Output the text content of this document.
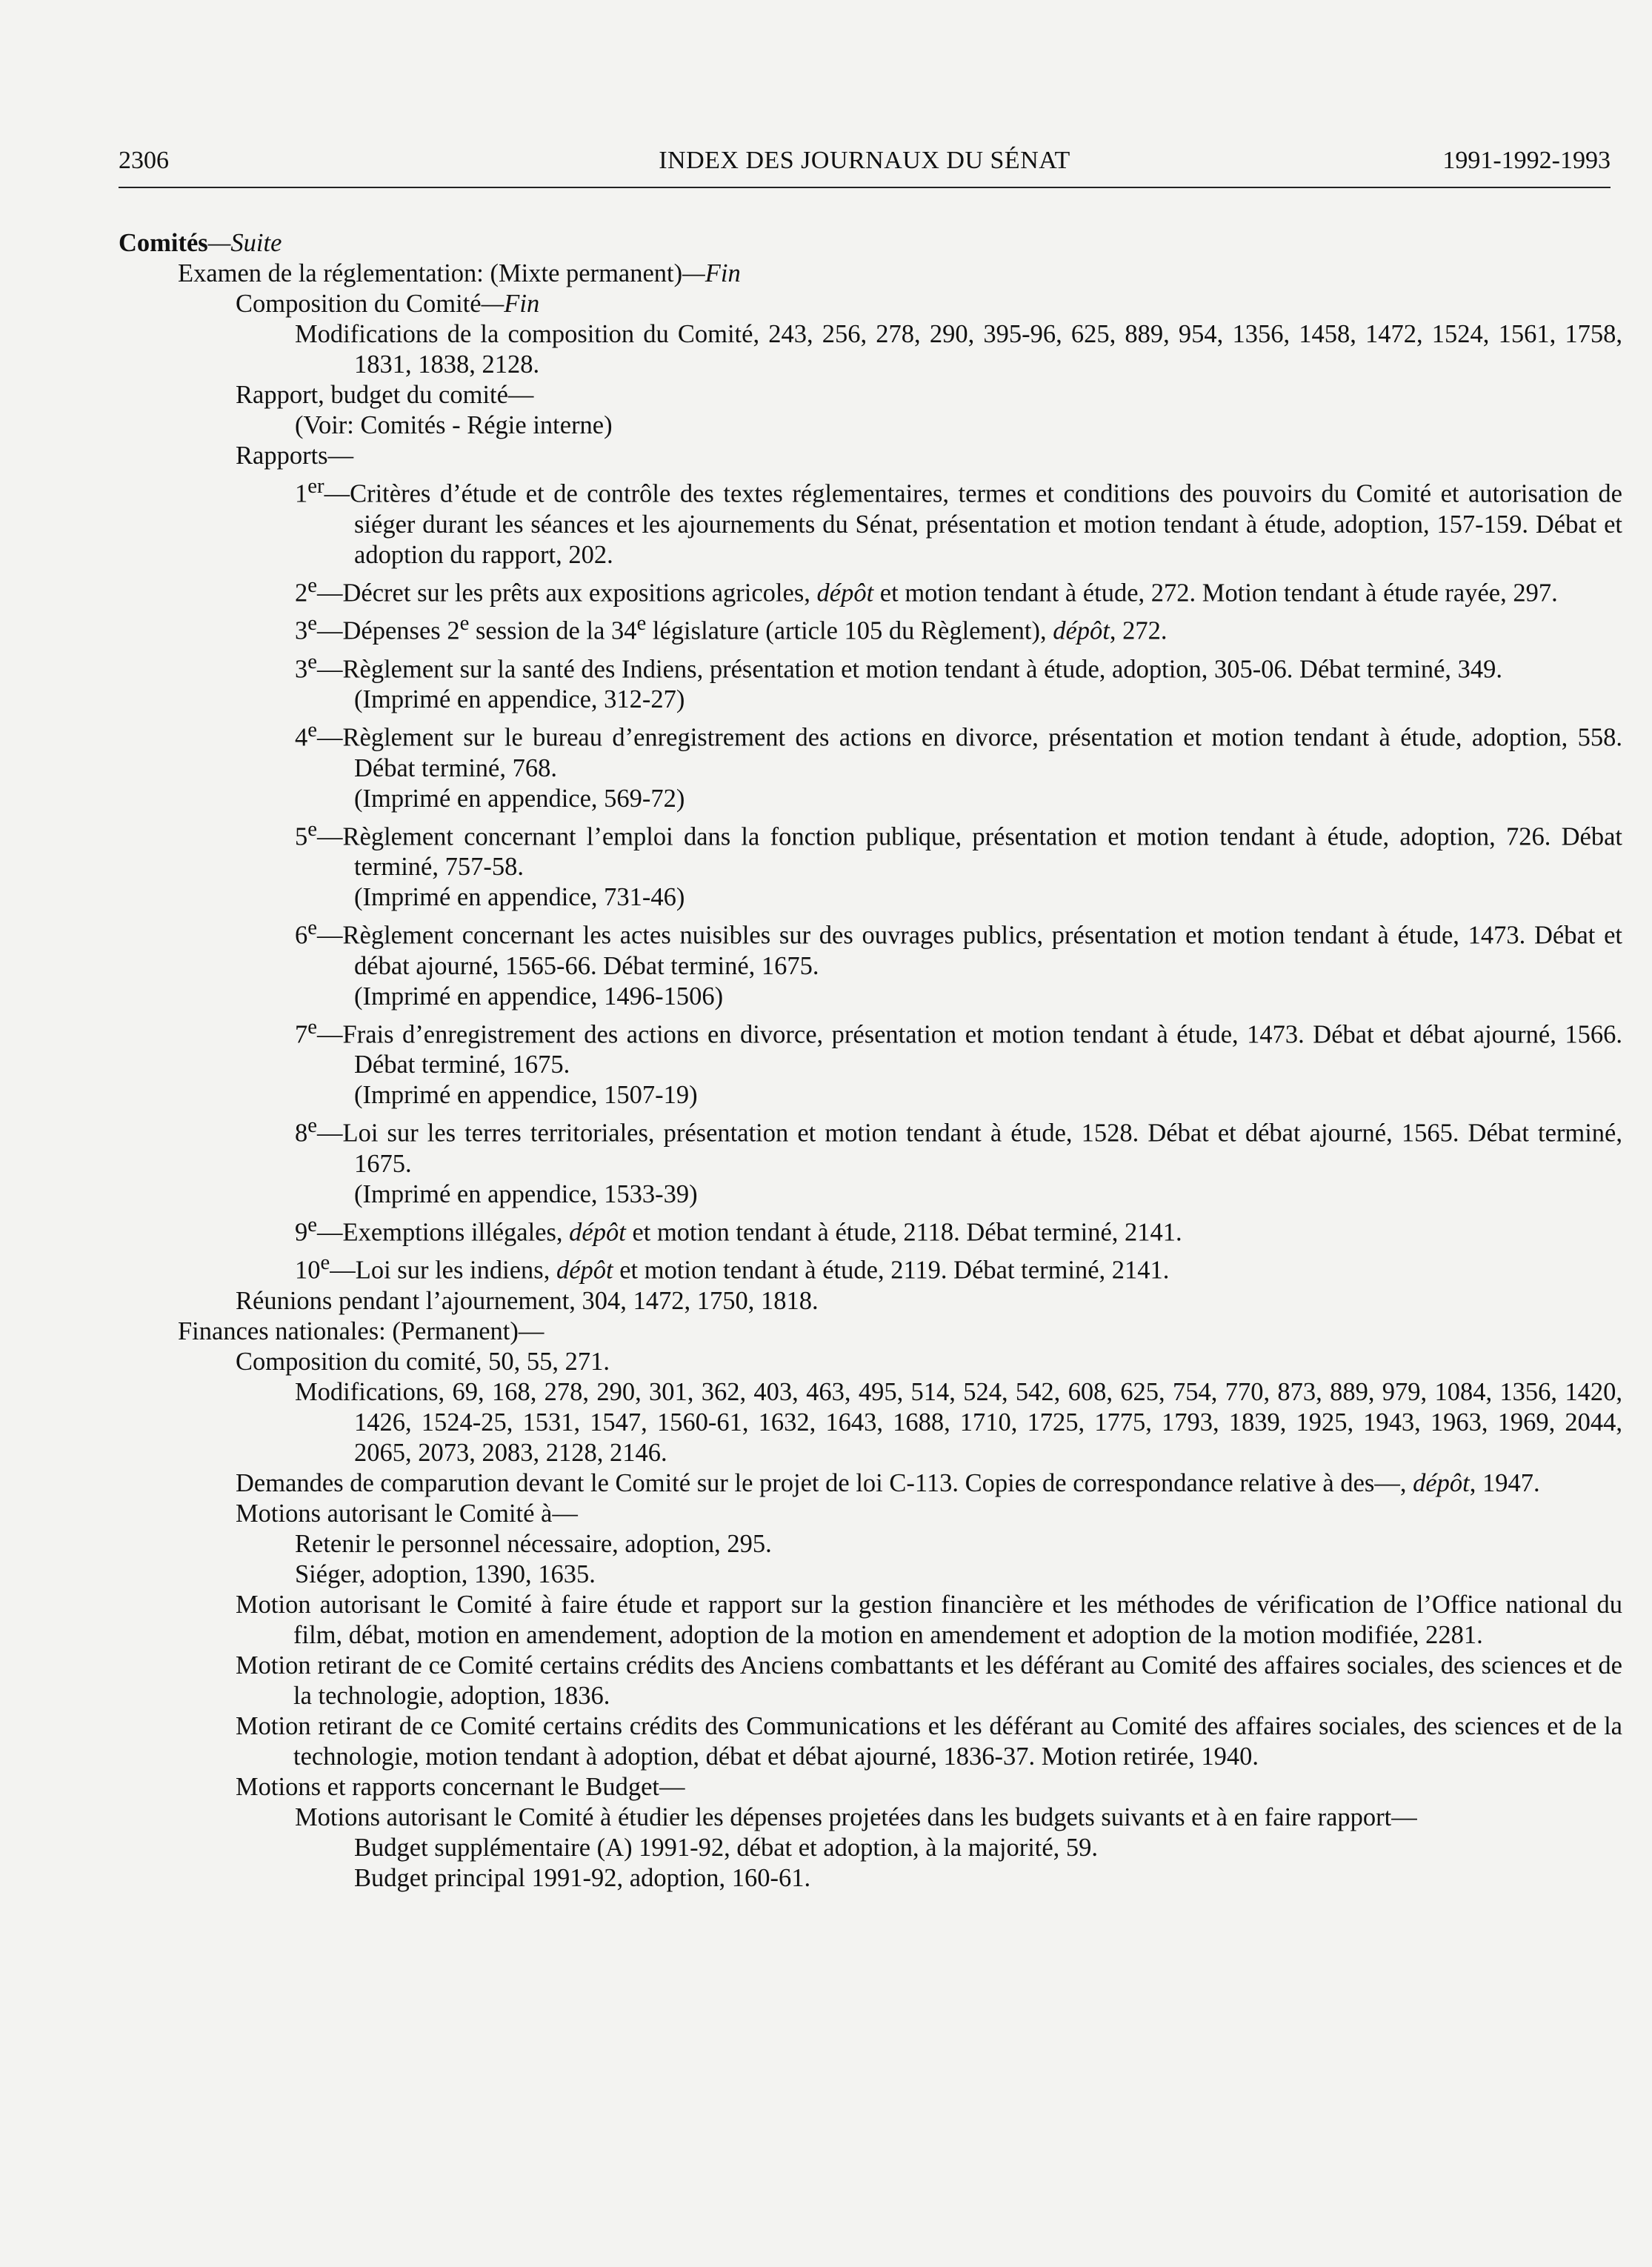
2306	INDEX DES JOURNAUX DU SÉNAT	1991-1992-1993

Comités—Suite

Examen de la réglementation: (Mixte permanent)—Fin

Composition du Comité—Fin

Modifications de la composition du Comité, 243, 256, 278, 290, 395-96, 625, 889, 954, 1356, 1458, 1472, 1524, 1561, 1758, 1831, 1838, 2128.

Rapport, budget du comité—

(Voir: Comités - Régie interne)

Rapports—

1er—Critères d’étude et de contrôle des textes réglementaires, termes et conditions des pouvoirs du Comité et autorisation de siéger durant les séances et les ajournements du Sénat, présentation et motion tendant à étude, adoption, 157-159. Débat et adoption du rapport, 202.

2e—Décret sur les prêts aux expositions agricoles, dépôt et motion tendant à étude, 272. Motion tendant à étude rayée, 297.

3e—Dépenses 2e session de la 34e législature (article 105 du Règlement), dépôt, 272.

3e—Règlement sur la santé des Indiens, présentation et motion tendant à étude, adoption, 305-06. Débat terminé, 349.

(Imprimé en appendice, 312-27)

4e—Règlement sur le bureau d’enregistrement des actions en divorce, présentation et motion tendant à étude, adoption, 558. Débat terminé, 768.

(Imprimé en appendice, 569-72)

5e—Règlement concernant l’emploi dans la fonction publique, présentation et motion tendant à étude, adoption, 726. Débat terminé, 757-58.

(Imprimé en appendice, 731-46)

6e—Règlement concernant les actes nuisibles sur des ouvrages publics, présentation et motion tendant à étude, 1473. Débat et débat ajourné, 1565-66. Débat terminé, 1675.

(Imprimé en appendice, 1496-1506)

7e—Frais d’enregistrement des actions en divorce, présentation et motion tendant à étude, 1473. Débat et débat ajourné, 1566. Débat terminé, 1675.

(Imprimé en appendice, 1507-19)

8e—Loi sur les terres territoriales, présentation et motion tendant à étude, 1528. Débat et débat ajourné, 1565. Débat terminé, 1675.

(Imprimé en appendice, 1533-39)

9e—Exemptions illégales, dépôt et motion tendant à étude, 2118. Débat terminé, 2141.

10e—Loi sur les indiens, dépôt et motion tendant à étude, 2119. Débat terminé, 2141.

Réunions pendant l’ajournement, 304, 1472, 1750, 1818.

Finances nationales: (Permanent)—

Composition du comité, 50, 55, 271.

Modifications, 69, 168, 278, 290, 301, 362, 403, 463, 495, 514, 524, 542, 608, 625, 754, 770, 873, 889, 979, 1084, 1356, 1420, 1426, 1524-25, 1531, 1547, 1560-61, 1632, 1643, 1688, 1710, 1725, 1775, 1793, 1839, 1925, 1943, 1963, 1969, 2044, 2065, 2073, 2083, 2128, 2146.

Demandes de comparution devant le Comité sur le projet de loi C-113. Copies de correspondance relative à des—, dépôt, 1947.

Motions autorisant le Comité à—

Retenir le personnel nécessaire, adoption, 295.

Siéger, adoption, 1390, 1635.

Motion autorisant le Comité à faire étude et rapport sur la gestion financière et les méthodes de vérification de l’Office national du film, débat, motion en amendement, adoption de la motion en amendement et adoption de la motion modifiée, 2281.

Motion retirant de ce Comité certains crédits des Anciens combattants et les déférant au Comité des affaires sociales, des sciences et de la technologie, adoption, 1836.

Motion retirant de ce Comité certains crédits des Communications et les déférant au Comité des affaires sociales, des sciences et de la technologie, motion tendant à adoption, débat et débat ajourné, 1836-37. Motion retirée, 1940.

Motions et rapports concernant le Budget—

Motions autorisant le Comité à étudier les dépenses projetées dans les budgets suivants et à en faire rapport—

Budget supplémentaire (A) 1991-92, débat et adoption, à la majorité, 59.

Budget principal 1991-92, adoption, 160-61.
